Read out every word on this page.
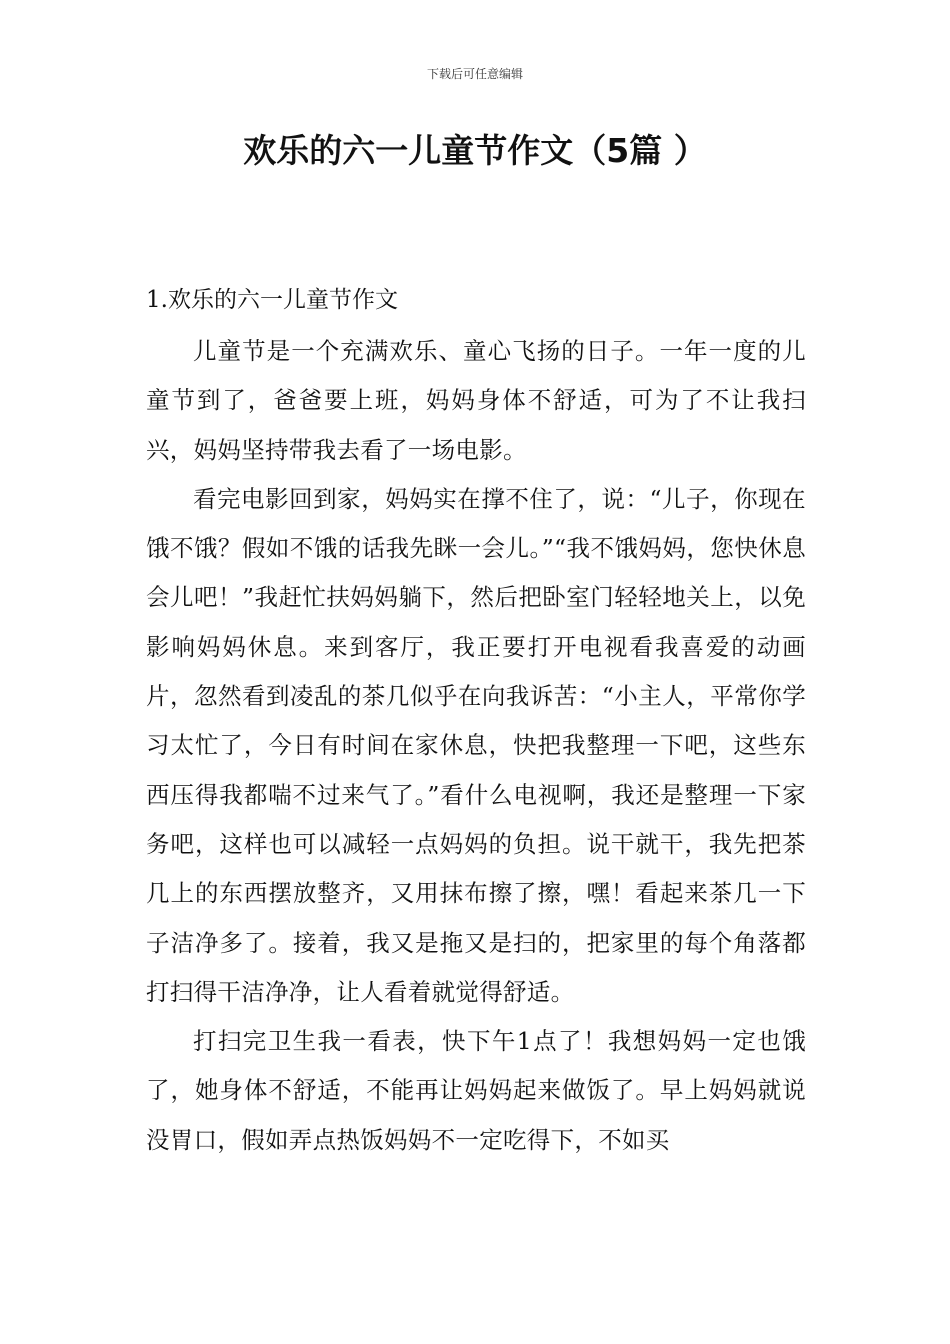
下载后可任意编辑
欢乐的六一儿童节作文（5篇 ）
1.欢乐的六一儿童节作文

儿童节是一个充满欢乐、童心飞扬的日子。一年一度的儿童节到了，爸爸要上班，妈妈身体不舒适，可为了不让我扫兴，妈妈坚持带我去看了一场电影。

看完电影回到家，妈妈实在撑不住了，说：“儿子，你现在饿不饿？假如不饿的话我先眯一会儿。”“我不饿妈妈，您快休息会儿吧！”我赶忙扶妈妈躺下，然后把卧室门轻轻地关上，以免影响妈妈休息。来到客厅，我正要打开电视看我喜爱的动画片，忽然看到凌乱的茶几似乎在向我诉苦：“小主人，平常你学习太忙了，今日有时间在家休息，快把我整理一下吧，这些东西压得我都喘不过来气了。”看什么电视啊，我还是整理一下家务吧，这样也可以减轻一点妈妈的负担。说干就干，我先把茶几上的东西摆放整齐，又用抹布擦了擦，嘿！看起来茶几一下子洁净多了。接着，我又是拖又是扫的，把家里的每个角落都打扫得干洁净净，让人看着就觉得舒适。

打扫完卫生我一看表，快下午1点了！我想妈妈一定也饿了，她身体不舒适，不能再让妈妈起来做饭了。早上妈妈就说没胃口，假如弄点热饭妈妈不一定吃得下，不如买
